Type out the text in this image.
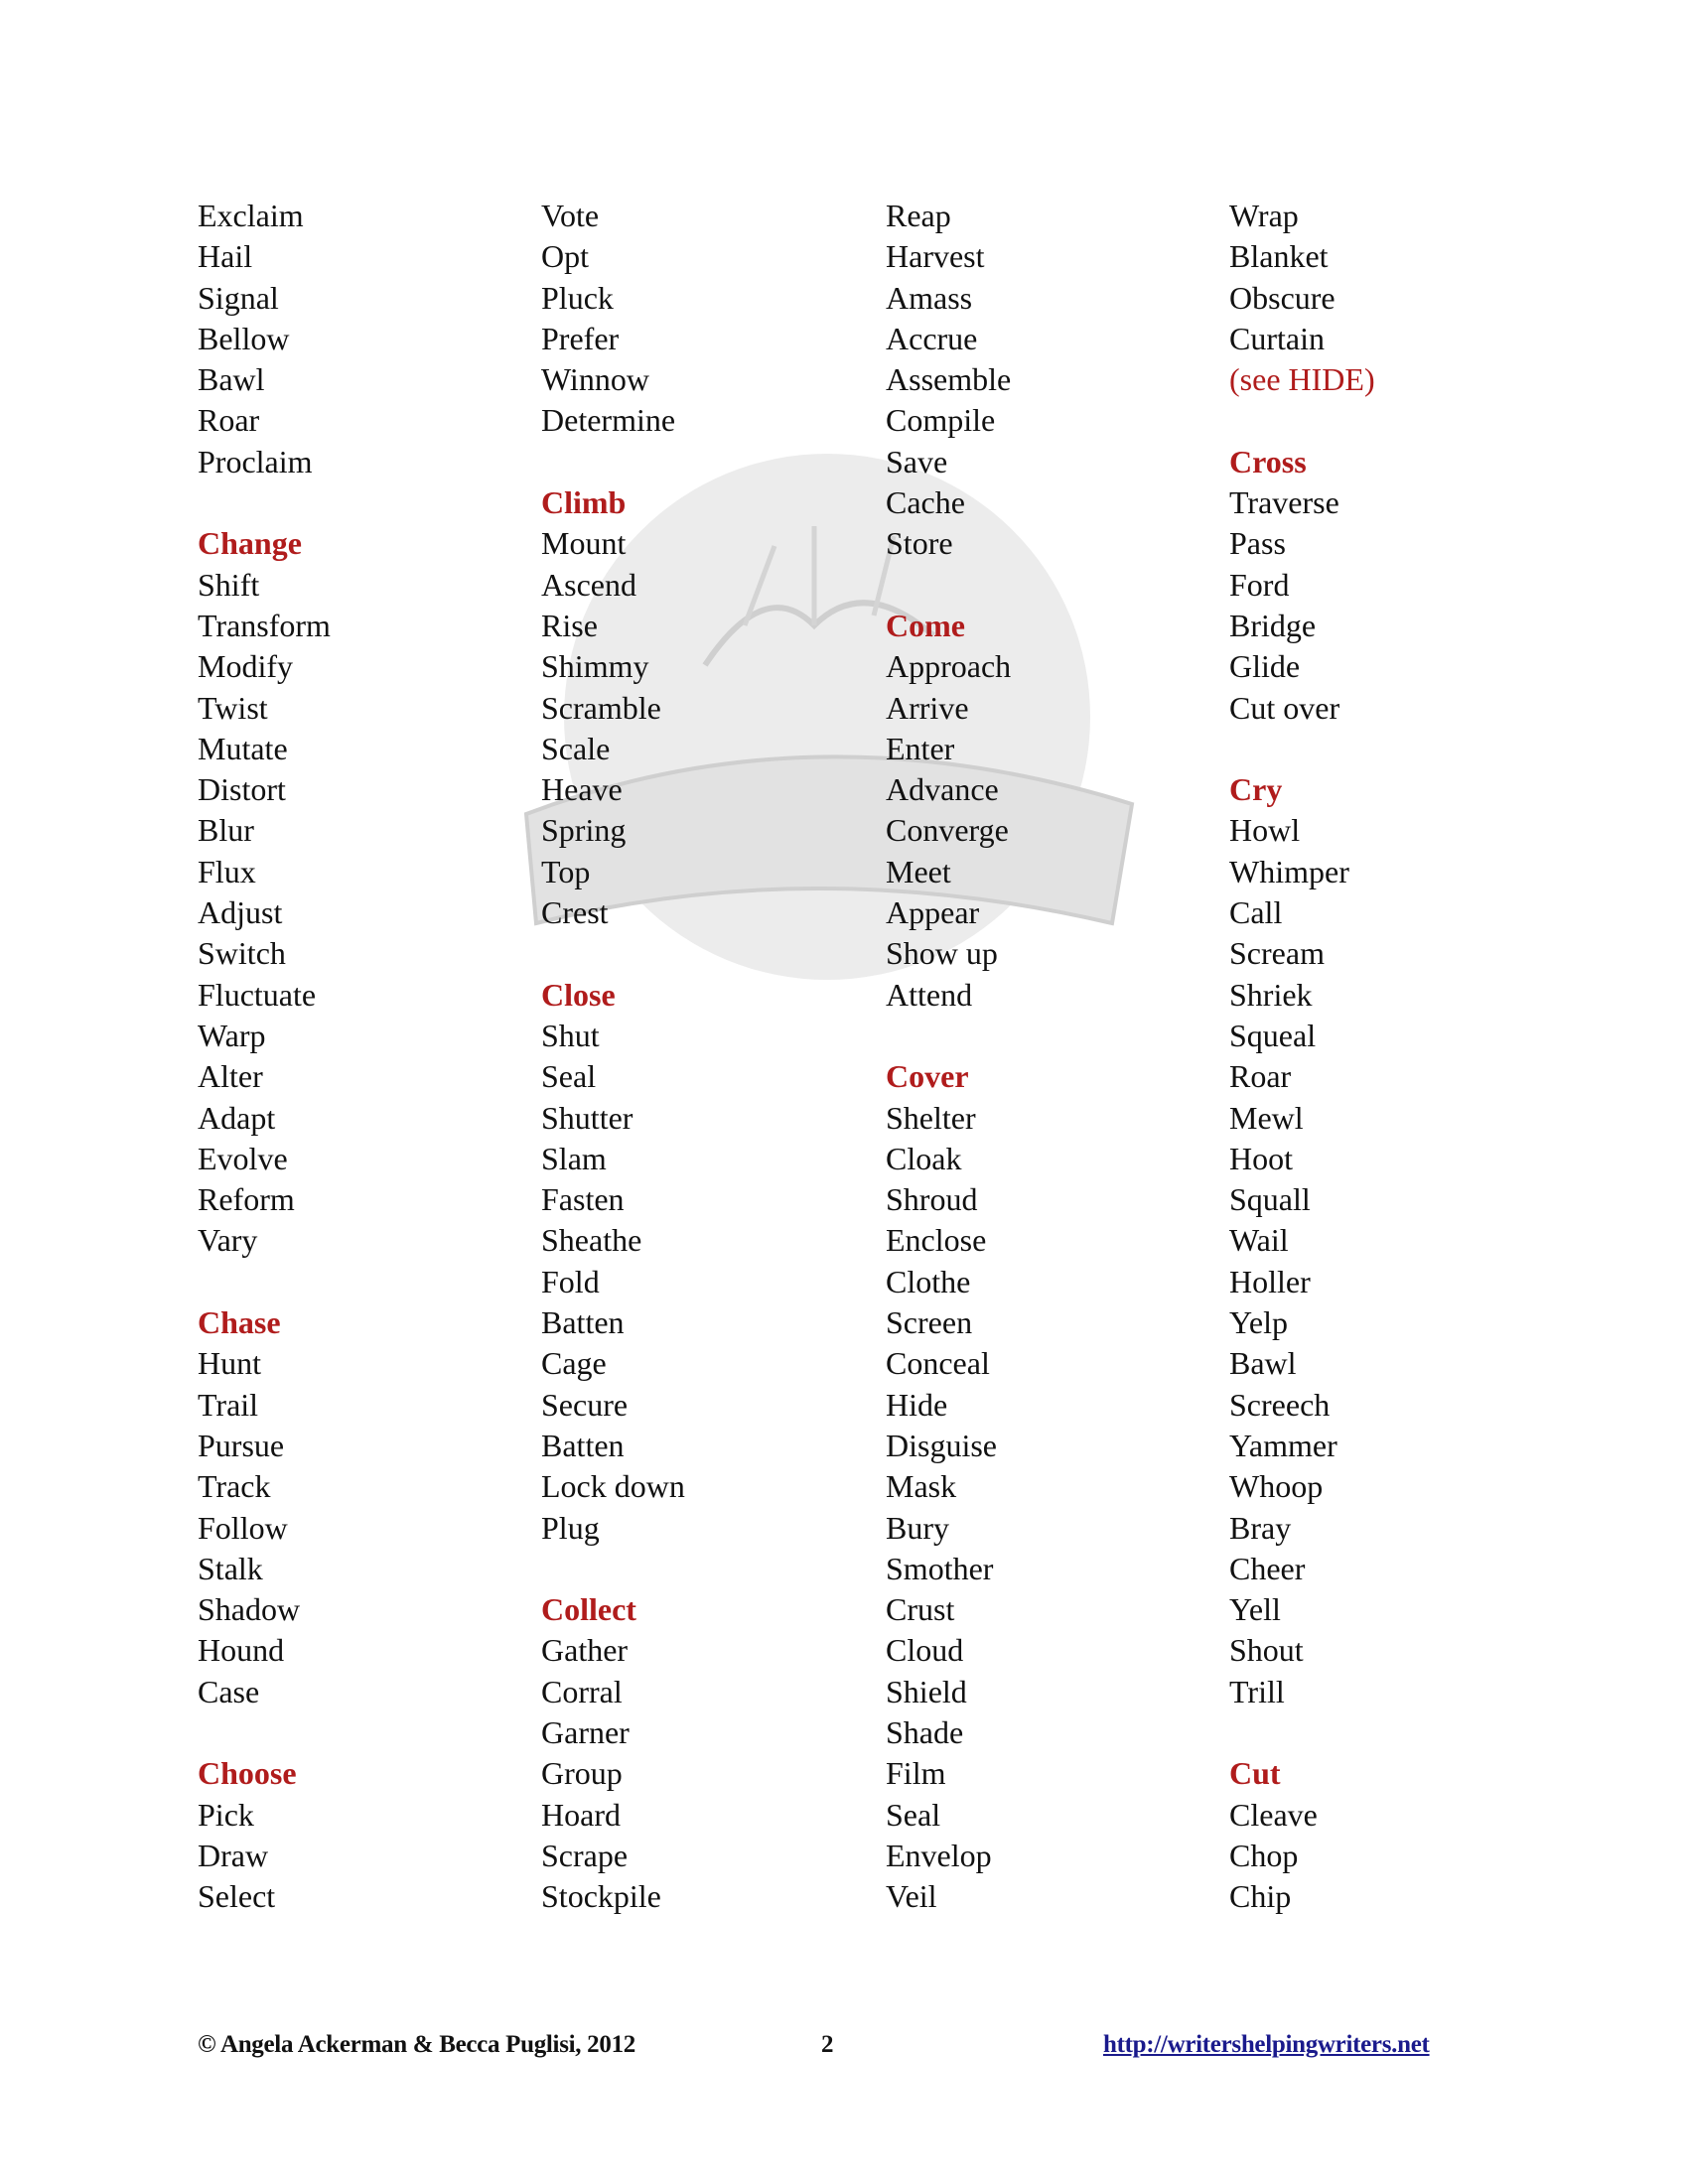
Exclaim
Hail
Signal
Bellow
Bawl
Roar
Proclaim
Change
Shift
Transform
Modify
Twist
Mutate
Distort
Blur
Flux
Adjust
Switch
Fluctuate
Warp
Alter
Adapt
Evolve
Reform
Vary
Chase
Hunt
Trail
Pursue
Track
Follow
Stalk
Shadow
Hound
Case
Choose
Pick
Draw
Select
Vote
Opt
Pluck
Prefer
Winnow
Determine
Climb
Mount
Ascend
Rise
Shimmy
Scramble
Scale
Heave
Spring
Top
Crest
Close
Shut
Seal
Shutter
Slam
Fasten
Sheathe
Fold
Batten
Cage
Secure
Batten
Lock down
Plug
Collect
Gather
Corral
Garner
Group
Hoard
Scrape
Stockpile
Reap
Harvest
Amass
Accrue
Assemble
Compile
Save
Cache
Store
Come
Approach
Arrive
Enter
Advance
Converge
Meet
Appear
Show up
Attend
Cover
Shelter
Cloak
Shroud
Enclose
Clothe
Screen
Conceal
Hide
Disguise
Mask
Bury
Smother
Crust
Cloud
Shield
Shade
Film
Seal
Envelop
Veil
Wrap
Blanket
Obscure
Curtain
(see HIDE)
Cross
Traverse
Pass
Ford
Bridge
Glide
Cut over
Cry
Howl
Whimper
Call
Scream
Shriek
Squeal
Roar
Mewl
Hoot
Squall
Wail
Holler
Yelp
Bawl
Screech
Yammer
Whoop
Bray
Cheer
Yell
Shout
Trill
Cut
Cleave
Chop
Chip
© Angela Ackerman & Becca Puglisi, 2012	2	http://writershelpingwriters.net
